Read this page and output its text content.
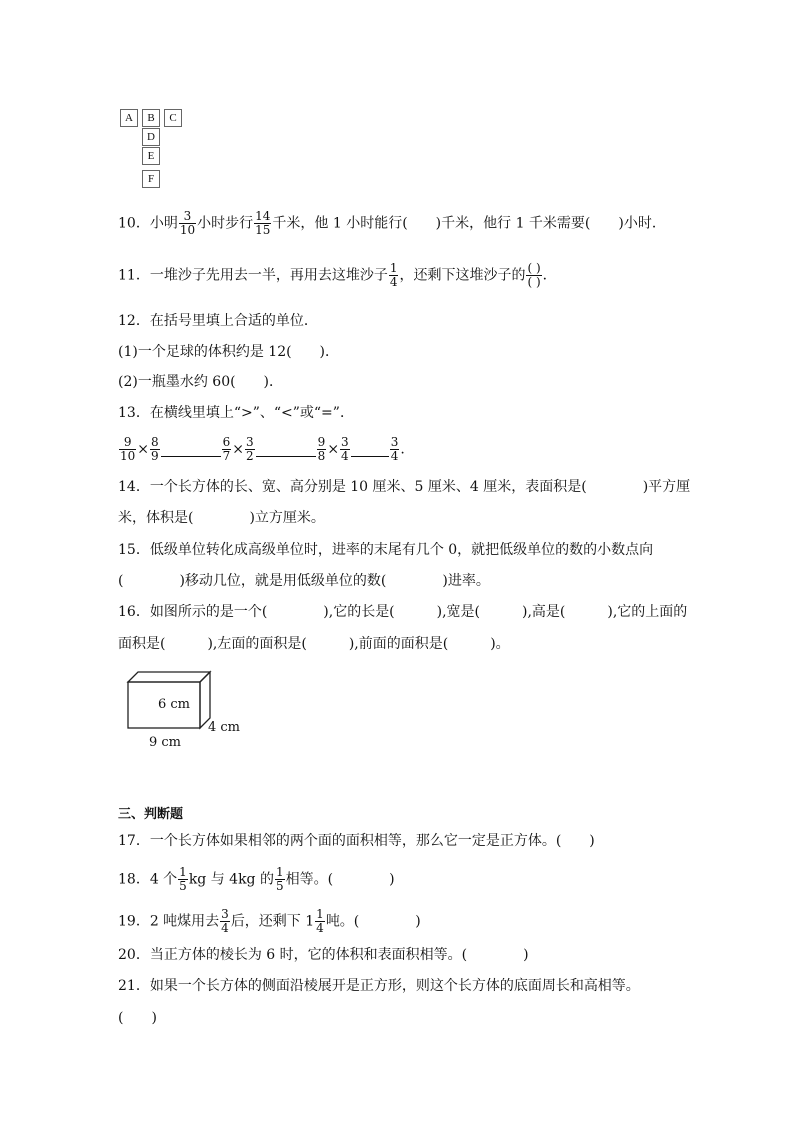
A	B	C
D
E
F
10．小明 $\frac{3}{10}$ 小时步行 $\frac{14}{15}$ 千米，他 1 小时能行(　　)千米，他行 1 千米需要(　　)小时．
11．一堆沙子先用去一半，再用去这堆沙子 $\frac{1}{4}$ ，还剩下这堆沙子的 $\frac{( )}{( )}$ ．
12．在括号里填上合适的单位．
(1)一个足球的体积约是 12(　　)．
(2)一瓶墨水约 60(　　)．
13．在横线里填上“>”、“<”或“=”．
$\frac{9}{10} \times \frac{8}{9}$	$\frac{6}{7} \times \frac{3}{2}$	$\frac{9}{8} \times \frac{3}{4}$	$\frac{3}{4}$ .
14．一个长方体的长、宽、高分别是 10 厘米、5 厘米、4 厘米，表面积是(　　　　)平方厘
米，体积是(　　　　)立方厘米。
15．低级单位转化成高级单位时，进率的末尾有几个 0，就把低级单位的数的小数点向
(　　　　)移动几位，就是用低级单位的数(　　　　)进率。
16．如图所示的是一个(　　　　),它的长是(　　　),宽是(　　　),高是(　　　),它的上面的
面积是(　　　),左面的面积是(　　　),前面的面积是(　　　)。
6 cm
4 cm
9 cm
三、判断题
17．一个长方体如果相邻的两个面的面积相等，那么它一定是正方体。(　　)
18．4 个 $\frac{1}{5}$ kg 与 4kg 的 $\frac{1}{5}$ 相等。(　　　　)
19．2 吨煤用去 $\frac{3}{4}$ 后，还剩下 $1 \frac{1}{4}$ 吨。(　　　　)
20．当正方体的棱长为 6 时，它的体积和表面积相等。(　　　　)
21．如果一个长方体的侧面沿棱展开是正方形，则这个长方体的底面周长和高相等。
(　　)
